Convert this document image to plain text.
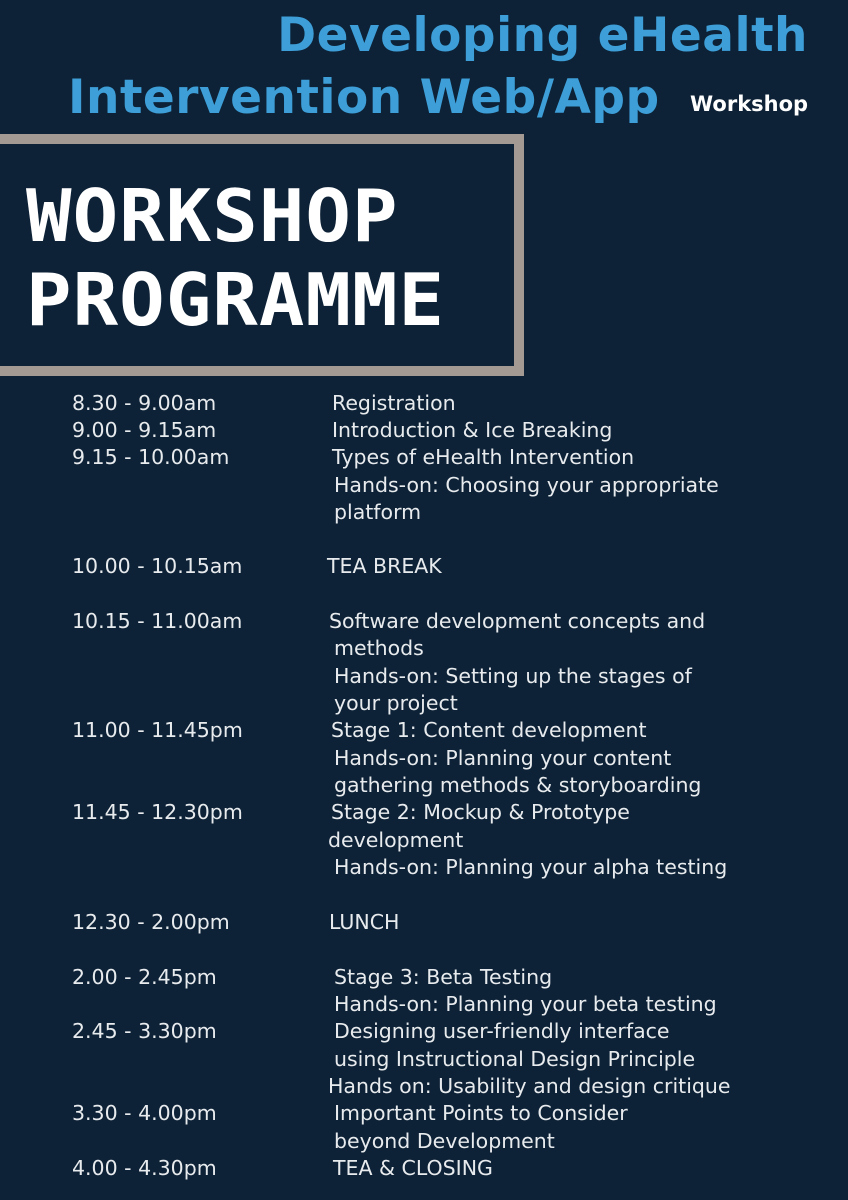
Developing eHealth
Intervention Web/App Workshop
WORKSHOP
PROGRAMME
8.30 - 9.00am	Registration
9.00 - 9.15am	Introduction & Ice Breaking
9.15 - 10.00am	Types of eHealth Intervention
Hands-on: Choosing your appropriate
platform
10.00 - 10.15am	TEA BREAK
10.15 - 11.00am	Software development concepts and
methods
Hands-on: Setting up the stages of
your project
11.00 - 11.45pm	Stage 1: Content development
Hands-on: Planning your content
gathering methods & storyboarding
11.45 - 12.30pm	Stage 2: Mockup & Prototype
development
Hands-on: Planning your alpha testing
12.30 - 2.00pm	LUNCH
2.00 - 2.45pm	Stage 3: Beta Testing
Hands-on: Planning your beta testing
2.45 - 3.30pm	Designing user-friendly interface
using Instructional Design Principle
Hands on: Usability and design critique
3.30 - 4.00pm	Important Points to Consider
beyond Development
4.00 - 4.30pm	TEA & CLOSING
